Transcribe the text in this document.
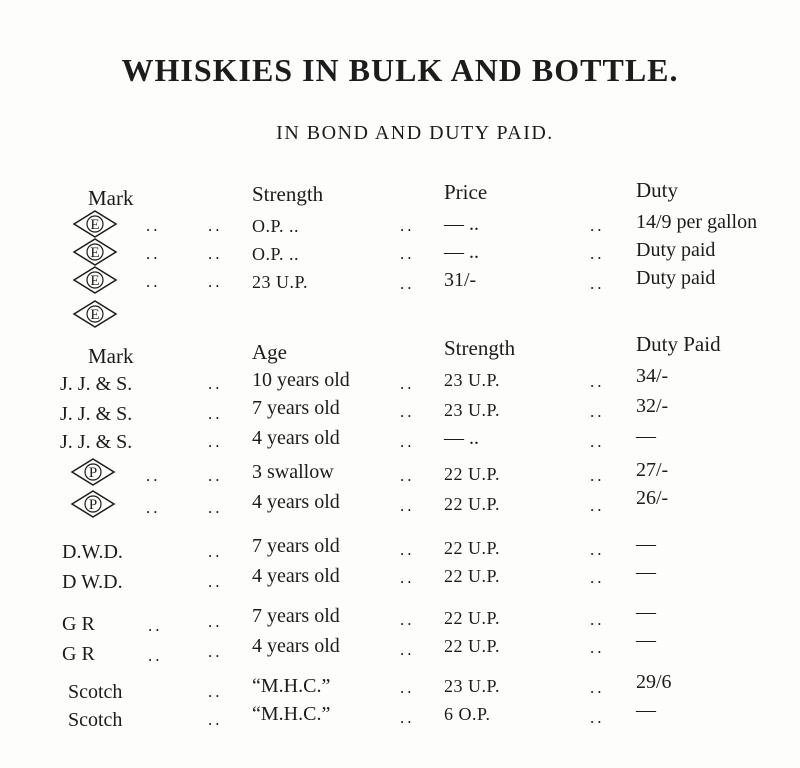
WHISKIES IN BULK AND BOTTLE.
IN BOND AND DUTY PAID.
Mark	Strength	Price	Duty
E	..	.. O.P. ..	.. — ..	.. 14/9 per gallon
E	..	.. O.P. ..	.. — ..	.. Duty paid
E	..	.. 23 U.P.	.. 31/-	.. Duty paid
E
Mark	Age	Strength	Duty Paid
J. J. & S.	.. 10 years old	.. 23 U.P.	.. 34/-
J. J. & S.	.. 7 years old	.. 23 U.P.	.. 32/-
J. J. & S.	.. 4 years old	.. — ..	.. —
P	..	.. 3 swallow	.. 22 U.P.	.. 27/-
P	..	.. 4 years old	.. 22 U.P.	.. 26/-
D.W.D.	.. 7 years old	.. 22 U.P.	.. —
D W.D.	.. 4 years old	.. 22 U.P.	.. —
G R	..	.. 7 years old	.. 22 U.P.	.. —
G R	..	.. 4 years old	.. 22 U.P.	.. —
Scotch	.. “M.H.C.”	.. 23 U.P.	.. 29/6
Scotch	.. “M.H.C.”	.. 6 O.P.	.. —
